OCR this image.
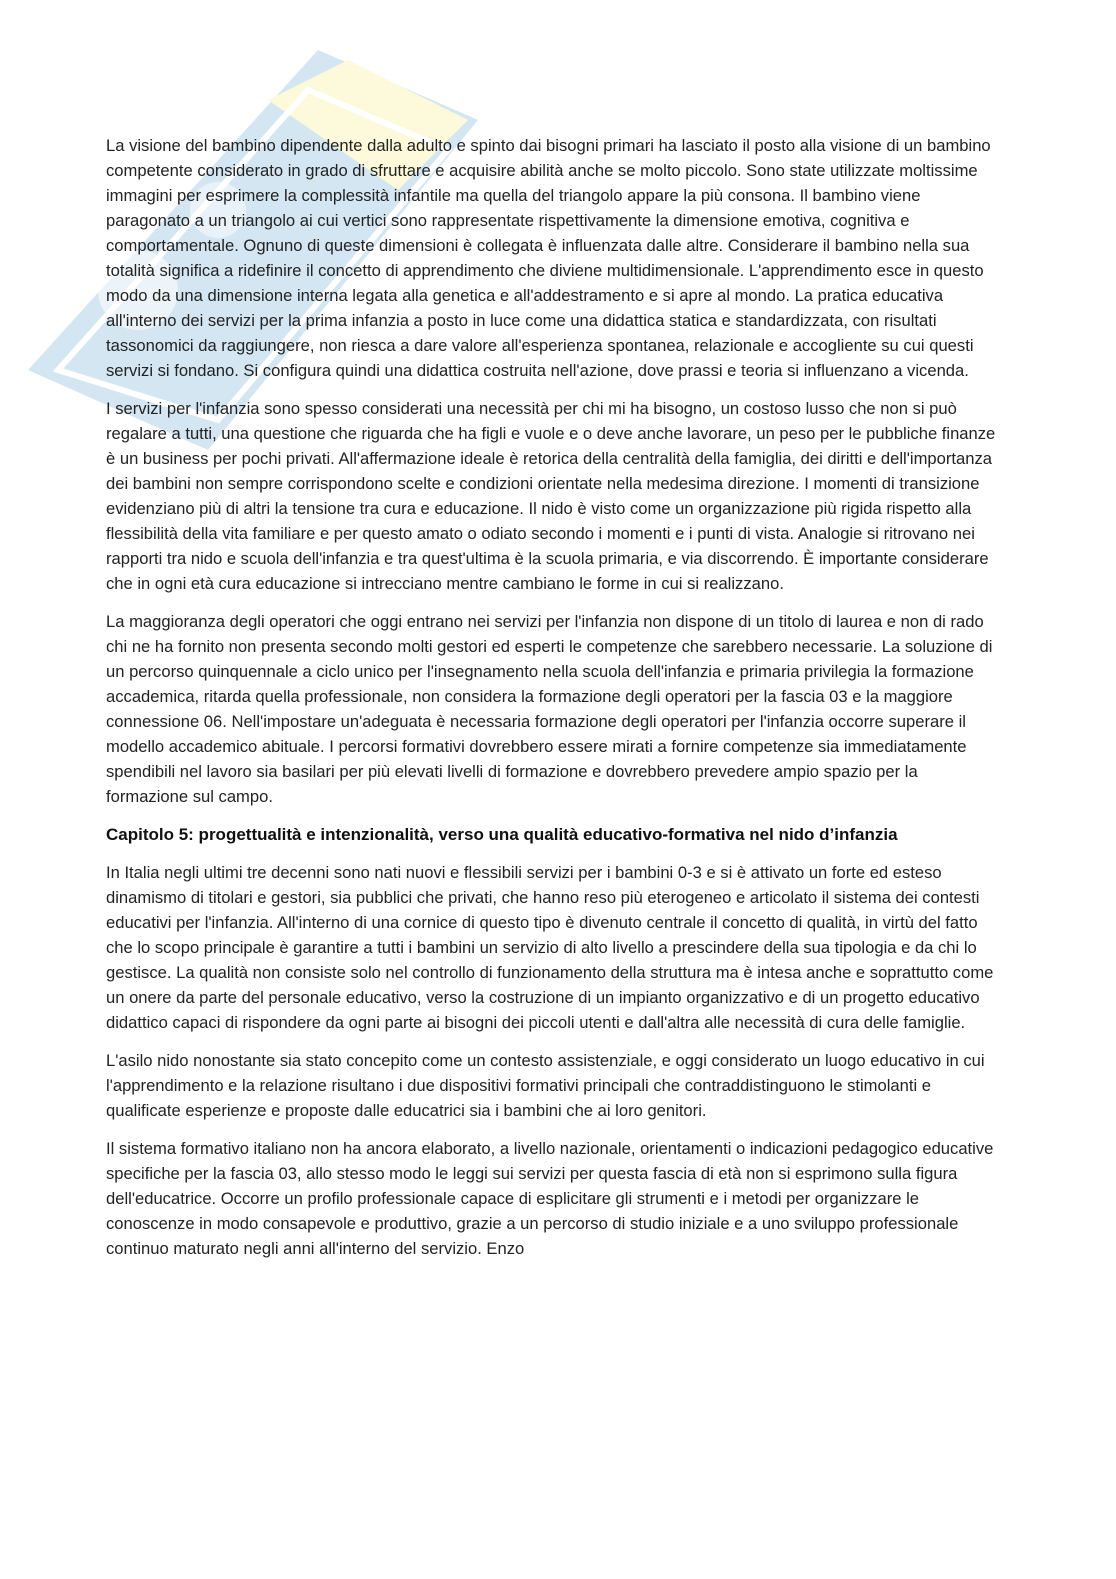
La visione del bambino dipendente dalla adulto e spinto dai bisogni primari ha lasciato il posto alla visione di un bambino competente considerato in grado di sfruttare e acquisire abilità anche se molto piccolo. Sono state utilizzate moltissime immagini per esprimere la complessità infantile ma quella del triangolo appare la più consona. Il bambino viene paragonato a un triangolo ai cui vertici sono rappresentate rispettivamente la dimensione emotiva, cognitiva e comportamentale. Ognuno di queste dimensioni è collegata è influenzata dalle altre. Considerare il bambino nella sua totalità significa a ridefinire il concetto di apprendimento che diviene multidimensionale. L'apprendimento esce in questo modo da una dimensione interna legata alla genetica e all'addestramento e si apre al mondo. La pratica educativa all'interno dei servizi per la prima infanzia a posto in luce come una didattica statica e standardizzata, con risultati tassonomici da raggiungere, non riesca a dare valore all'esperienza spontanea, relazionale e accogliente su cui questi servizi si fondano. Si configura quindi una didattica costruita nell'azione, dove prassi e teoria si influenzano a vicenda.

I servizi per l'infanzia sono spesso considerati una necessità per chi mi ha bisogno, un costoso lusso che non si può regalare a tutti, una questione che riguarda che ha figli e vuole e o deve anche lavorare, un peso per le pubbliche finanze è un business per pochi privati. All'affermazione ideale è retorica della centralità della famiglia, dei diritti e dell'importanza dei bambini non sempre corrispondono scelte e condizioni orientate nella medesima direzione. I momenti di transizione evidenziano più di altri la tensione tra cura e educazione. Il nido è visto come un organizzazione più rigida rispetto alla flessibilità della vita familiare e per questo amato o odiato secondo i momenti e i punti di vista. Analogie si ritrovano nei rapporti tra nido e scuola dell'infanzia e tra quest'ultima è la scuola primaria, e via discorrendo. È importante considerare che in ogni età cura educazione si intrecciano mentre cambiano le forme in cui si realizzano.

La maggioranza degli operatori che oggi entrano nei servizi per l'infanzia non dispone di un titolo di laurea e non di rado chi ne ha fornito non presenta secondo molti gestori ed esperti le competenze che sarebbero necessarie. La soluzione di un percorso quinquennale a ciclo unico per l'insegnamento nella scuola dell'infanzia e primaria privilegia la formazione accademica, ritarda quella professionale, non considera la formazione degli operatori per la fascia 03 e la maggiore connessione 06. Nell'impostare un'adeguata è necessaria formazione degli operatori per l'infanzia occorre superare il modello accademico abituale. I percorsi formativi dovrebbero essere mirati a fornire competenze sia immediatamente spendibili nel lavoro sia basilari per più elevati livelli di formazione e dovrebbero prevedere ampio spazio per la formazione sul campo.

Capitolo 5: progettualità e intenzionalità, verso una qualità educativo-formativa nel nido d’infanzia

In Italia negli ultimi tre decenni sono nati nuovi e flessibili servizi per i bambini 0-3 e si è attivato un forte ed esteso dinamismo di titolari e gestori, sia pubblici che privati, che hanno reso più eterogeneo e articolato il sistema dei contesti educativi per l'infanzia. All'interno di una cornice di questo tipo è divenuto centrale il concetto di qualità, in virtù del fatto che lo scopo principale è garantire a tutti i bambini un servizio di alto livello a prescindere della sua tipologia e da chi lo gestisce. La qualità non consiste solo nel controllo di funzionamento della struttura ma è intesa anche e soprattutto come un onere da parte del personale educativo, verso la costruzione di un impianto organizzativo e di un progetto educativo didattico capaci di rispondere da ogni parte ai bisogni dei piccoli utenti e dall'altra alle necessità di cura delle famiglie.

L'asilo nido nonostante sia stato concepito come un contesto assistenziale, e oggi considerato un luogo educativo in cui l'apprendimento e la relazione risultano i due dispositivi formativi principali che contraddistinguono le stimolanti e qualificate esperienze e proposte dalle educatrici sia i bambini che ai loro genitori.

Il sistema formativo italiano non ha ancora elaborato, a livello nazionale, orientamenti o indicazioni pedagogico educative specifiche per la fascia 03, allo stesso modo le leggi sui servizi per questa fascia di età non si esprimono sulla figura dell'educatrice. Occorre un profilo professionale capace di esplicitare gli strumenti e i metodi per organizzare le conoscenze in modo consapevole e produttivo, grazie a un percorso di studio iniziale e a uno sviluppo professionale continuo maturato negli anni all'interno del servizio. Enzo
